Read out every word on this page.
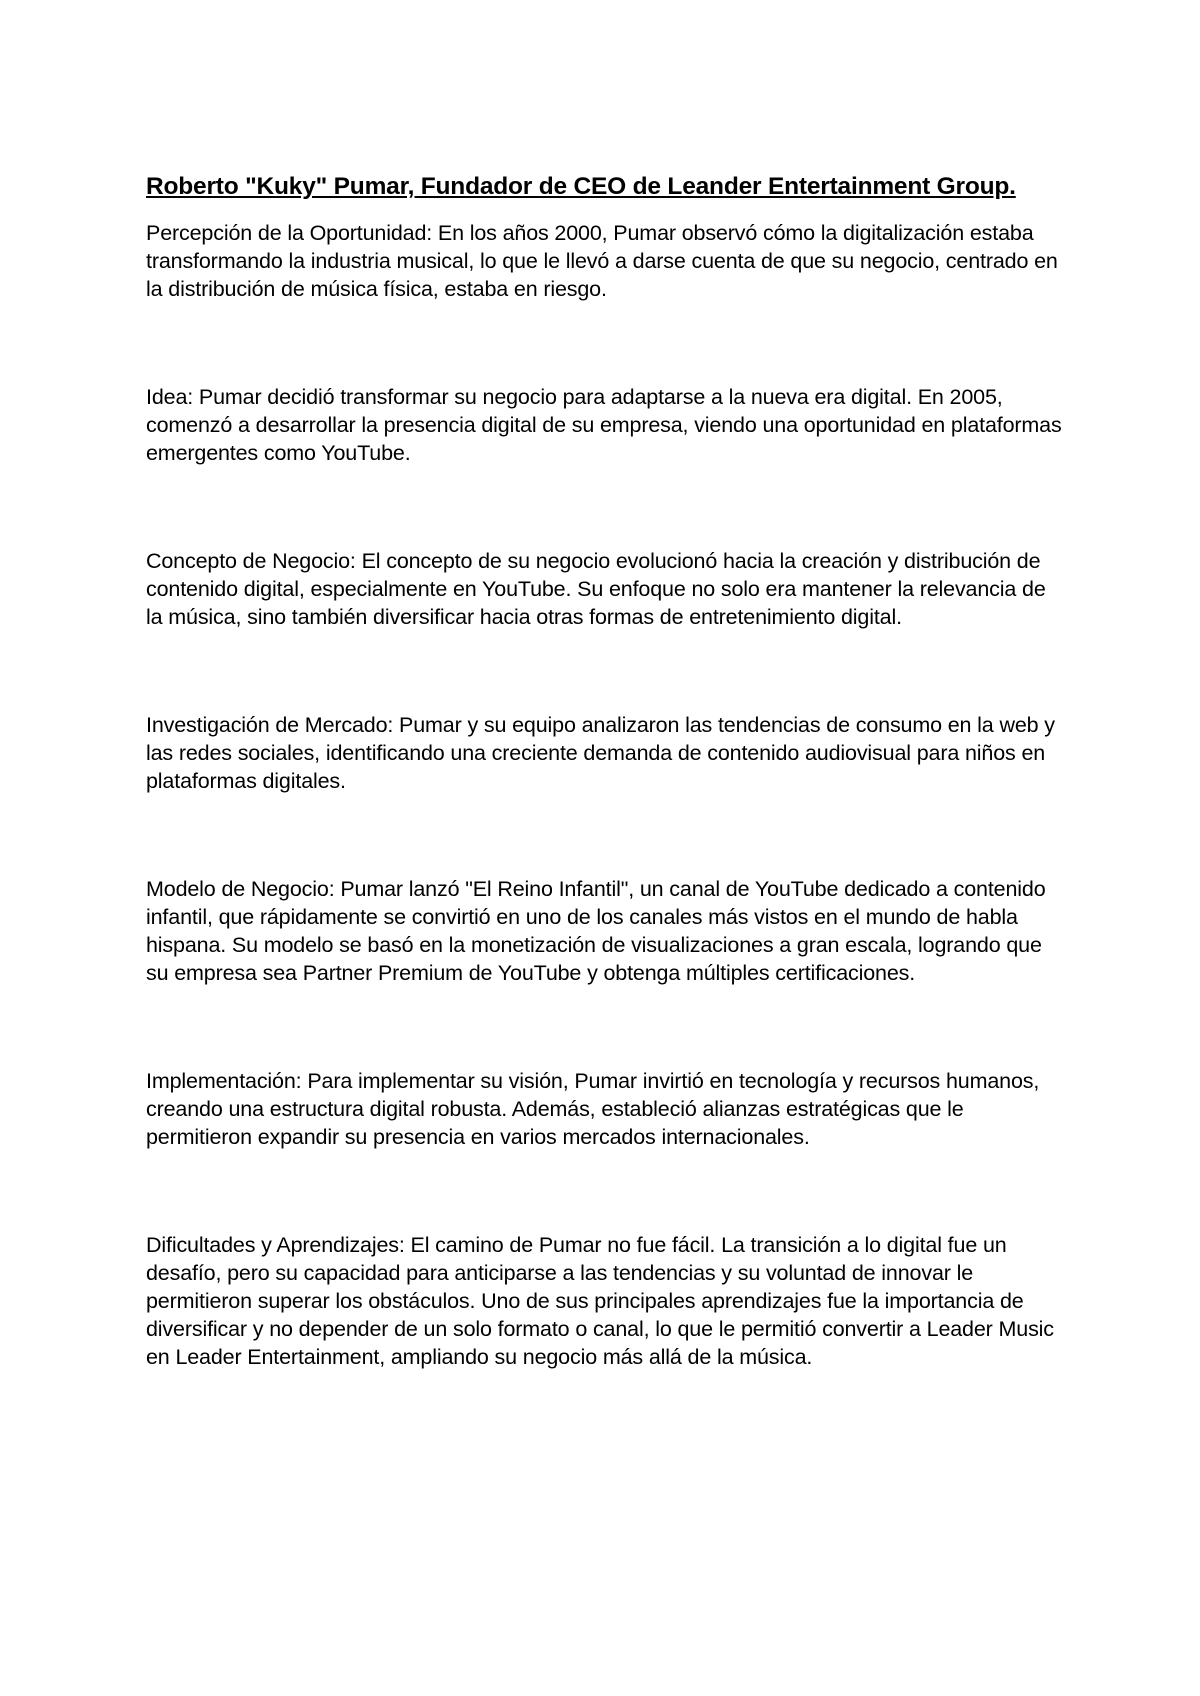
Roberto "Kuky" Pumar, Fundador de CEO de Leander Entertainment Group.

Percepción de la Oportunidad: En los años 2000, Pumar observó cómo la digitalización estaba transformando la industria musical, lo que le llevó a darse cuenta de que su negocio, centrado en la distribución de música física, estaba en riesgo.

Idea: Pumar decidió transformar su negocio para adaptarse a la nueva era digital. En 2005, comenzó a desarrollar la presencia digital de su empresa, viendo una oportunidad en plataformas emergentes como YouTube.

Concepto de Negocio: El concepto de su negocio evolucionó hacia la creación y distribución de contenido digital, especialmente en YouTube. Su enfoque no solo era mantener la relevancia de la música, sino también diversificar hacia otras formas de entretenimiento digital.

Investigación de Mercado: Pumar y su equipo analizaron las tendencias de consumo en la web y las redes sociales, identificando una creciente demanda de contenido audiovisual para niños en plataformas digitales.

Modelo de Negocio: Pumar lanzó "El Reino Infantil", un canal de YouTube dedicado a contenido infantil, que rápidamente se convirtió en uno de los canales más vistos en el mundo de habla hispana. Su modelo se basó en la monetización de visualizaciones a gran escala, logrando que su empresa sea Partner Premium de YouTube y obtenga múltiples certificaciones.

Implementación: Para implementar su visión, Pumar invirtió en tecnología y recursos humanos, creando una estructura digital robusta. Además, estableció alianzas estratégicas que le permitieron expandir su presencia en varios mercados internacionales.

Dificultades y Aprendizajes: El camino de Pumar no fue fácil. La transición a lo digital fue un desafío, pero su capacidad para anticiparse a las tendencias y su voluntad de innovar le permitieron superar los obstáculos. Uno de sus principales aprendizajes fue la importancia de diversificar y no depender de un solo formato o canal, lo que le permitió convertir a Leader Music en Leader Entertainment, ampliando su negocio más allá de la música.
